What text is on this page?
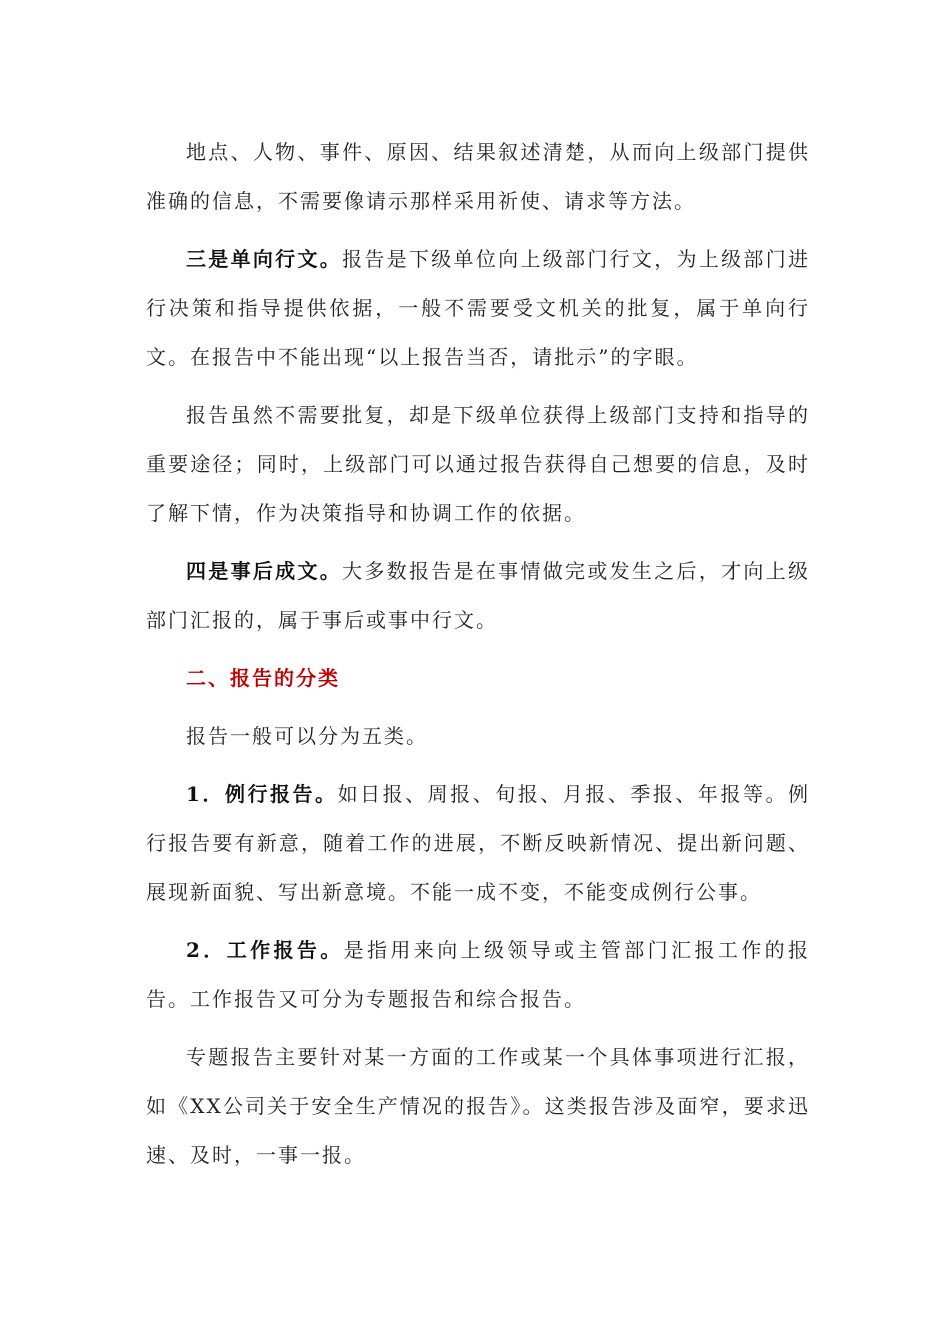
地点、人物、事件、原因、结果叙述清楚，从而向上级部门提供准确的信息，不需要像请示那样采用祈使、请求等方法。

三是单向行文。报告是下级单位向上级部门行文，为上级部门进行决策和指导提供依据，一般不需要受文机关的批复，属于单向行文。在报告中不能出现“以上报告当否，请批示”的字眼。

报告虽然不需要批复，却是下级单位获得上级部门支持和指导的重要途径；同时，上级部门可以通过报告获得自己想要的信息，及时了解下情，作为决策指导和协调工作的依据。

四是事后成文。大多数报告是在事情做完或发生之后，才向上级部门汇报的，属于事后或事中行文。

二、报告的分类

报告一般可以分为五类。

1．例行报告。如日报、周报、旬报、月报、季报、年报等。例行报告要有新意，随着工作的进展，不断反映新情况、提出新问题、展现新面貌、写出新意境。不能一成不变，不能变成例行公事。

2．工作报告。是指用来向上级领导或主管部门汇报工作的报告。工作报告又可分为专题报告和综合报告。

专题报告主要针对某一方面的工作或某一个具体事项进行汇报，如《XX公司关于安全生产情况的报告》。这类报告涉及面窄，要求迅速、及时，一事一报。
